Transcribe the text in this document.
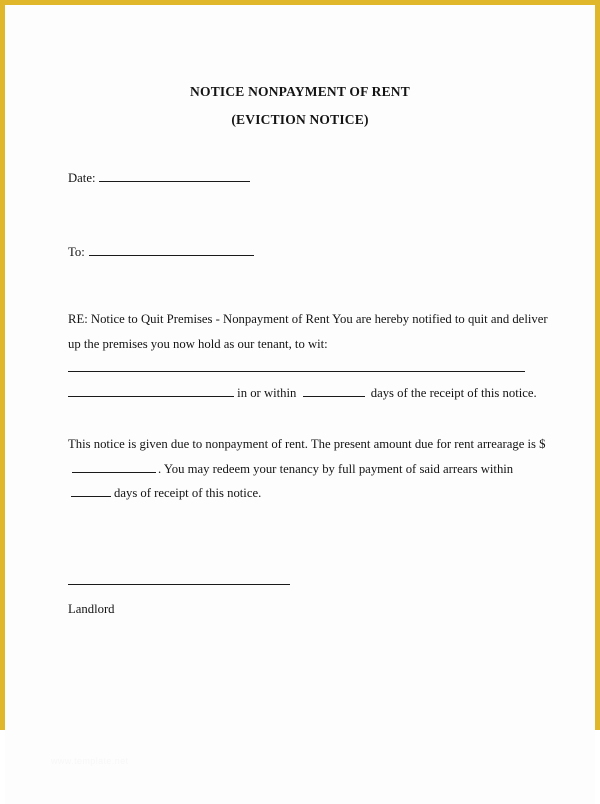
NOTICE NONPAYMENT OF RENT
(EVICTION NOTICE)
Date:
To:
RE: Notice to Quit Premises - Nonpayment of Rent You are hereby notified to quit and deliver up the premises you now hold as our tenant, to wit:
in or within	days of the receipt of this notice.
This notice is given due to nonpayment of rent. The present amount due for rent arrearage is $. You may redeem your tenancy by full payment of said arrears withindays of receipt of this notice.
Landlord
www.template.net
